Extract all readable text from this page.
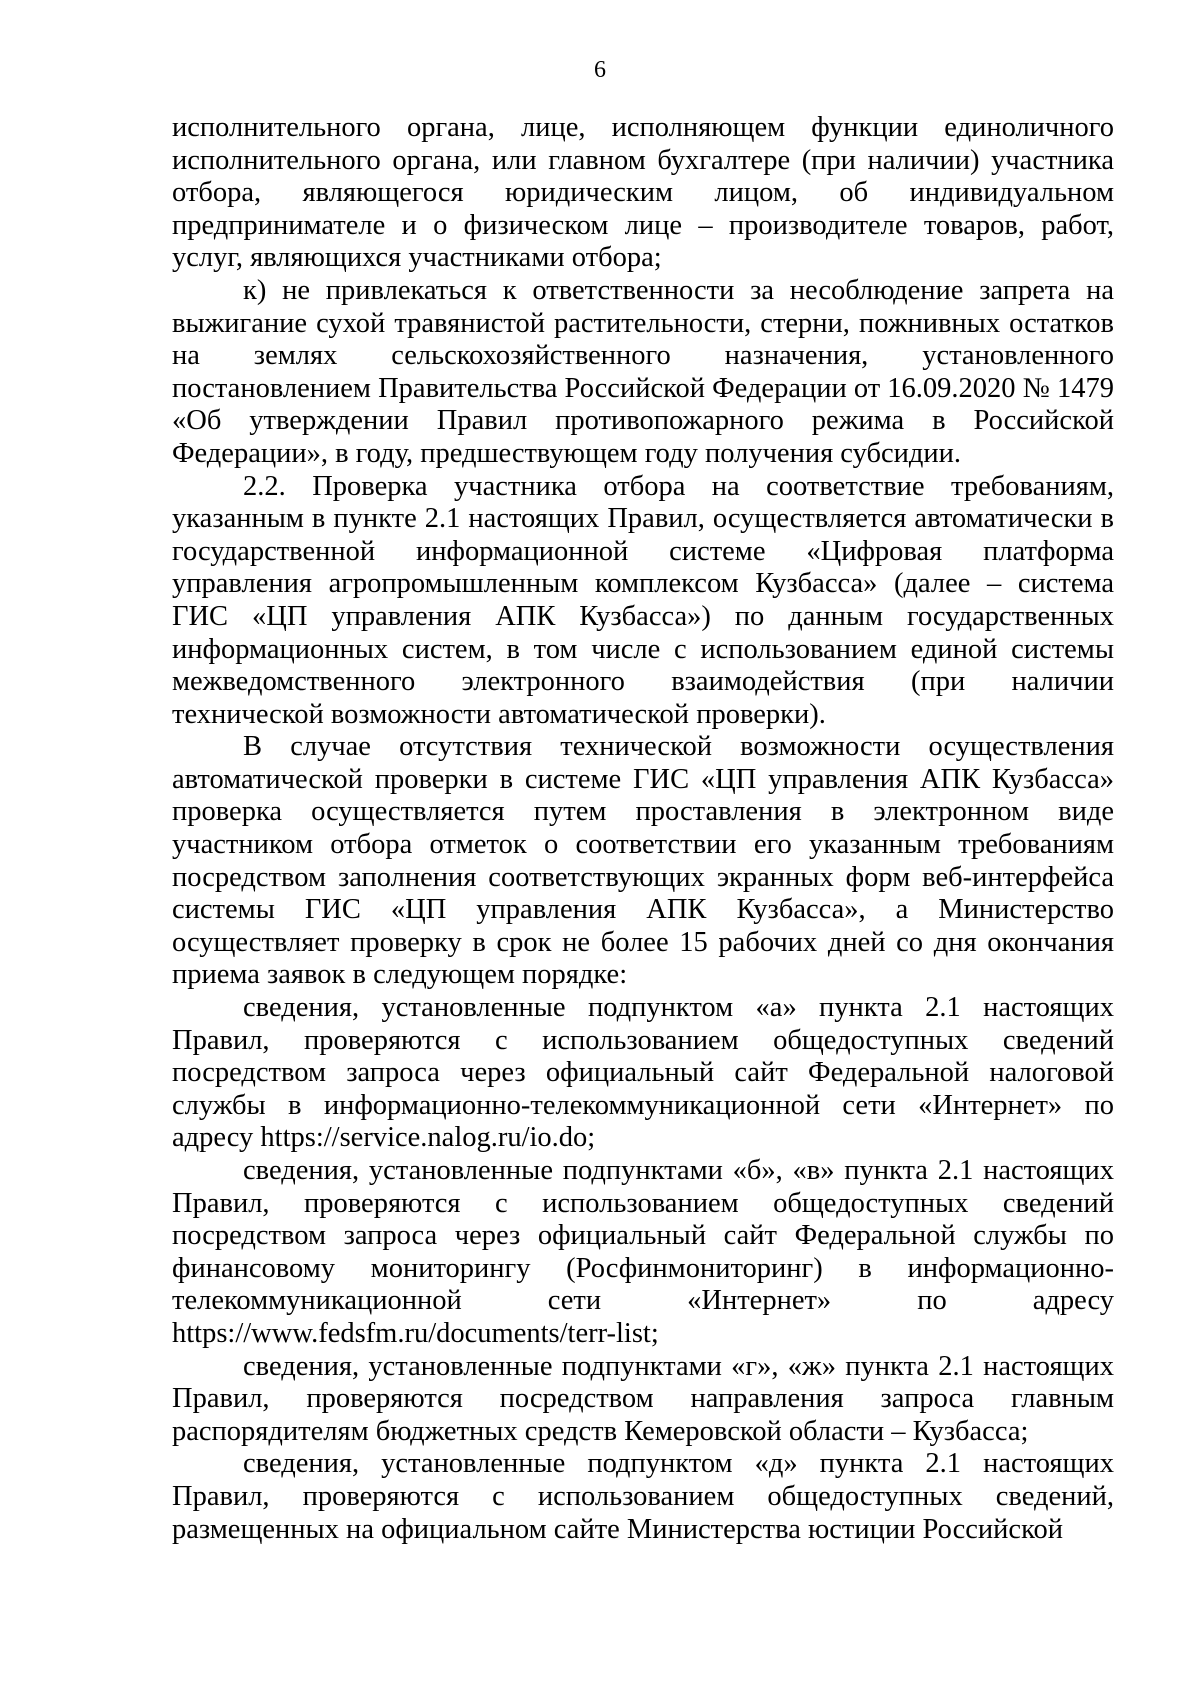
6

исполнительного органа, лице, исполняющем функции единоличного исполнительного органа, или главном бухгалтере (при наличии) участника отбора, являющегося юридическим лицом, об индивидуальном предпринимателе и о физическом лице – производителе товаров, работ, услуг, являющихся участниками отбора;

к) не привлекаться к ответственности за несоблюдение запрета на выжигание сухой травянистой растительности, стерни, пожнивных остатков на землях сельскохозяйственного назначения, установленного постановлением Правительства Российской Федерации от 16.09.2020 № 1479 «Об утверждении Правил противопожарного режима в Российской Федерации», в году, предшествующем году получения субсидии.

2.2. Проверка участника отбора на соответствие требованиям, указанным в пункте 2.1 настоящих Правил, осуществляется автоматически в государственной информационной системе «Цифровая платформа управления агропромышленным комплексом Кузбасса» (далее – система ГИС «ЦП управления АПК Кузбасса») по данным государственных информационных систем, в том числе с использованием единой системы межведомственного электронного взаимодействия (при наличии технической возможности автоматической проверки).

В случае отсутствия технической возможности осуществления автоматической проверки в системе ГИС «ЦП управления АПК Кузбасса» проверка осуществляется путем проставления в электронном виде участником отбора отметок о соответствии его указанным требованиям посредством заполнения соответствующих экранных форм веб-интерфейса системы ГИС «ЦП управления АПК Кузбасса», а Министерство осуществляет проверку в срок не более 15 рабочих дней со дня окончания приема заявок в следующем порядке:

сведения, установленные подпунктом «а» пункта 2.1 настоящих Правил, проверяются с использованием общедоступных сведений посредством запроса через официальный сайт Федеральной налоговой службы в информационно-телекоммуникационной сети «Интернет» по адресу https://service.nalog.ru/io.do;

сведения, установленные подпунктами «б», «в» пункта 2.1 настоящих Правил, проверяются с использованием общедоступных сведений посредством запроса через официальный сайт Федеральной службы по финансовому мониторингу (Росфинмониторинг) в информационно-телекоммуникационной сети «Интернет» по адресу https://www.fedsfm.ru/documents/terr-list;

сведения, установленные подпунктами «г», «ж» пункта 2.1 настоящих Правил, проверяются посредством направления запроса главным распорядителям бюджетных средств Кемеровской области – Кузбасса;

сведения, установленные подпунктом «д» пункта 2.1 настоящих Правил, проверяются с использованием общедоступных сведений, размещенных на официальном сайте Министерства юстиции Российской
